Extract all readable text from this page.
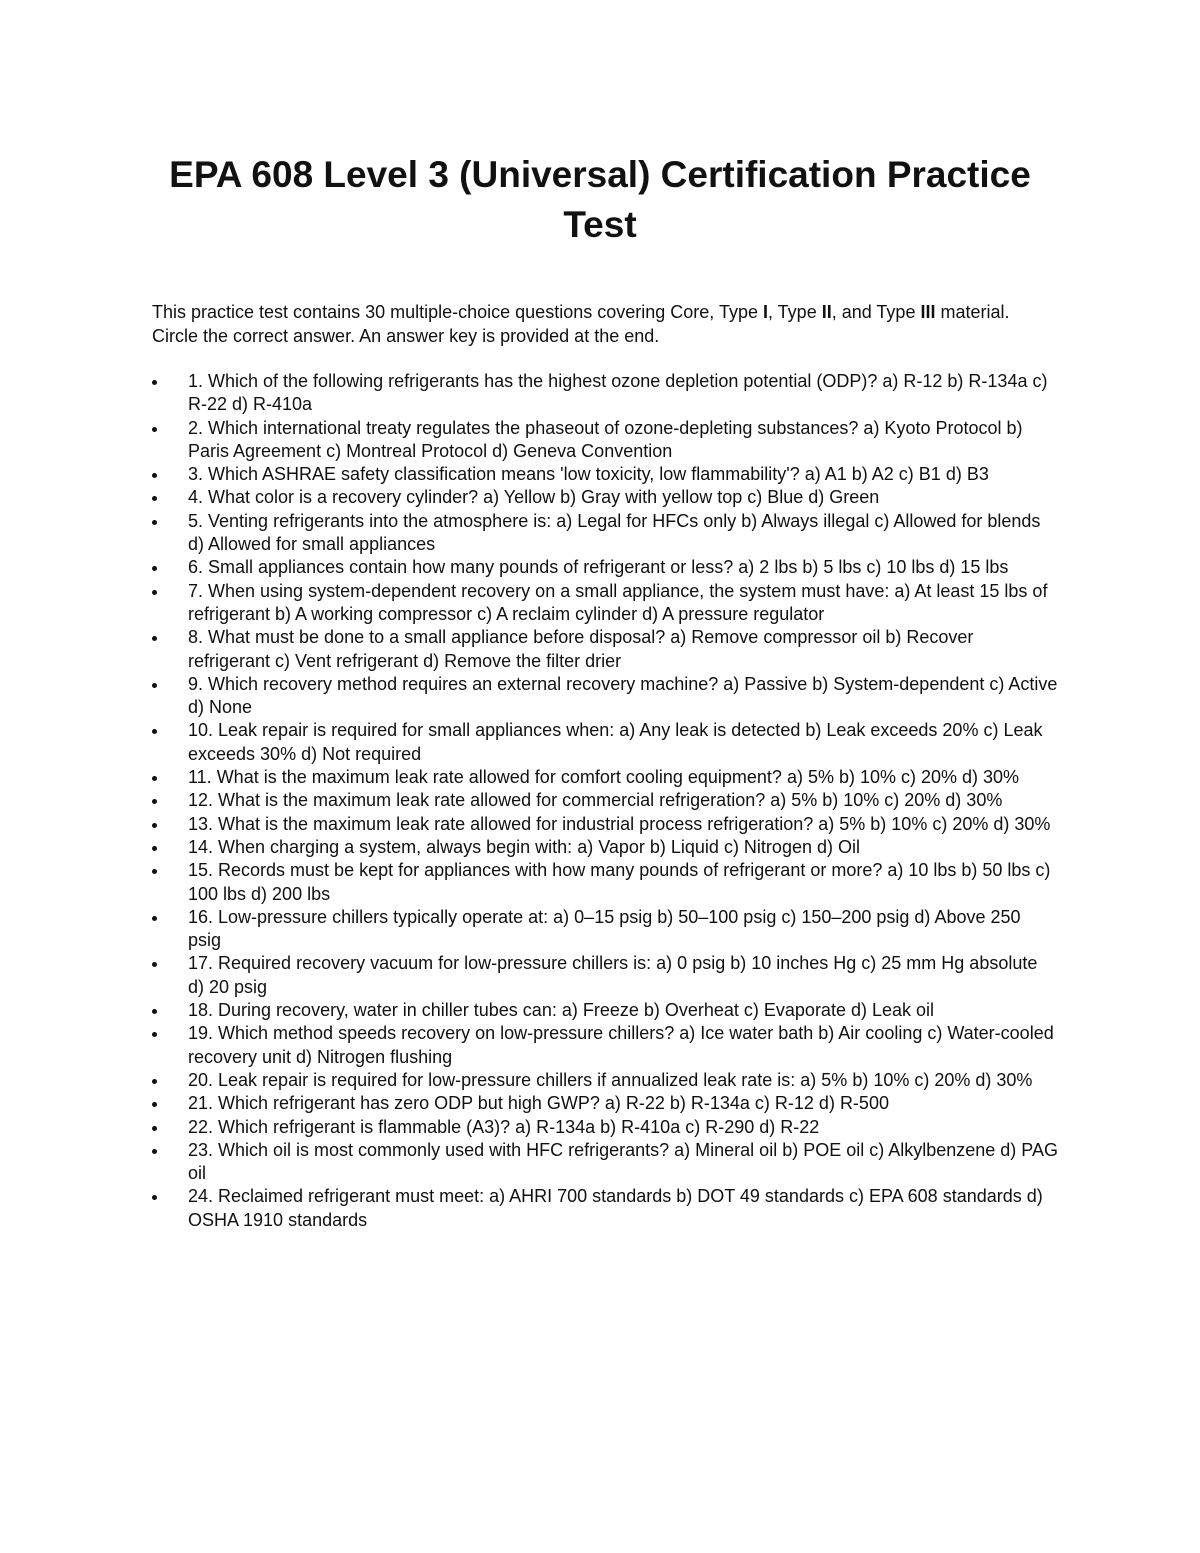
EPA 608 Level 3 (Universal) Certification Practice Test

This practice test contains 30 multiple-choice questions covering Core, Type I, Type II, and Type III material. Circle the correct answer. An answer key is provided at the end.

1. Which of the following refrigerants has the highest ozone depletion potential (ODP)? a) R-12 b) R-134a c) R-22 d) R-410a
2. Which international treaty regulates the phaseout of ozone-depleting substances? a) Kyoto Protocol b) Paris Agreement c) Montreal Protocol d) Geneva Convention
3. Which ASHRAE safety classification means 'low toxicity, low flammability'? a) A1 b) A2 c) B1 d) B3
4. What color is a recovery cylinder? a) Yellow b) Gray with yellow top c) Blue d) Green
5. Venting refrigerants into the atmosphere is: a) Legal for HFCs only b) Always illegal c) Allowed for blends d) Allowed for small appliances
6. Small appliances contain how many pounds of refrigerant or less? a) 2 lbs b) 5 lbs c) 10 lbs d) 15 lbs
7. When using system-dependent recovery on a small appliance, the system must have: a) At least 15 lbs of refrigerant b) A working compressor c) A reclaim cylinder d) A pressure regulator
8. What must be done to a small appliance before disposal? a) Remove compressor oil b) Recover refrigerant c) Vent refrigerant d) Remove the filter drier
9. Which recovery method requires an external recovery machine? a) Passive b) System-dependent c) Active d) None
10. Leak repair is required for small appliances when: a) Any leak is detected b) Leak exceeds 20% c) Leak exceeds 30% d) Not required
11. What is the maximum leak rate allowed for comfort cooling equipment? a) 5% b) 10% c) 20% d) 30%
12. What is the maximum leak rate allowed for commercial refrigeration? a) 5% b) 10% c) 20% d) 30%
13. What is the maximum leak rate allowed for industrial process refrigeration? a) 5% b) 10% c) 20% d) 30%
14. When charging a system, always begin with: a) Vapor b) Liquid c) Nitrogen d) Oil
15. Records must be kept for appliances with how many pounds of refrigerant or more? a) 10 lbs b) 50 lbs c) 100 lbs d) 200 lbs
16. Low-pressure chillers typically operate at: a) 0–15 psig b) 50–100 psig c) 150–200 psig d) Above 250 psig
17. Required recovery vacuum for low-pressure chillers is: a) 0 psig b) 10 inches Hg c) 25 mm Hg absolute d) 20 psig
18. During recovery, water in chiller tubes can: a) Freeze b) Overheat c) Evaporate d) Leak oil
19. Which method speeds recovery on low-pressure chillers? a) Ice water bath b) Air cooling c) Water-cooled recovery unit d) Nitrogen flushing
20. Leak repair is required for low-pressure chillers if annualized leak rate is: a) 5% b) 10% c) 20% d) 30%
21. Which refrigerant has zero ODP but high GWP? a) R-22 b) R-134a c) R-12 d) R-500
22. Which refrigerant is flammable (A3)? a) R-134a b) R-410a c) R-290 d) R-22
23. Which oil is most commonly used with HFC refrigerants? a) Mineral oil b) POE oil c) Alkylbenzene d) PAG oil
24. Reclaimed refrigerant must meet: a) AHRI 700 standards b) DOT 49 standards c) EPA 608 standards d) OSHA 1910 standards
